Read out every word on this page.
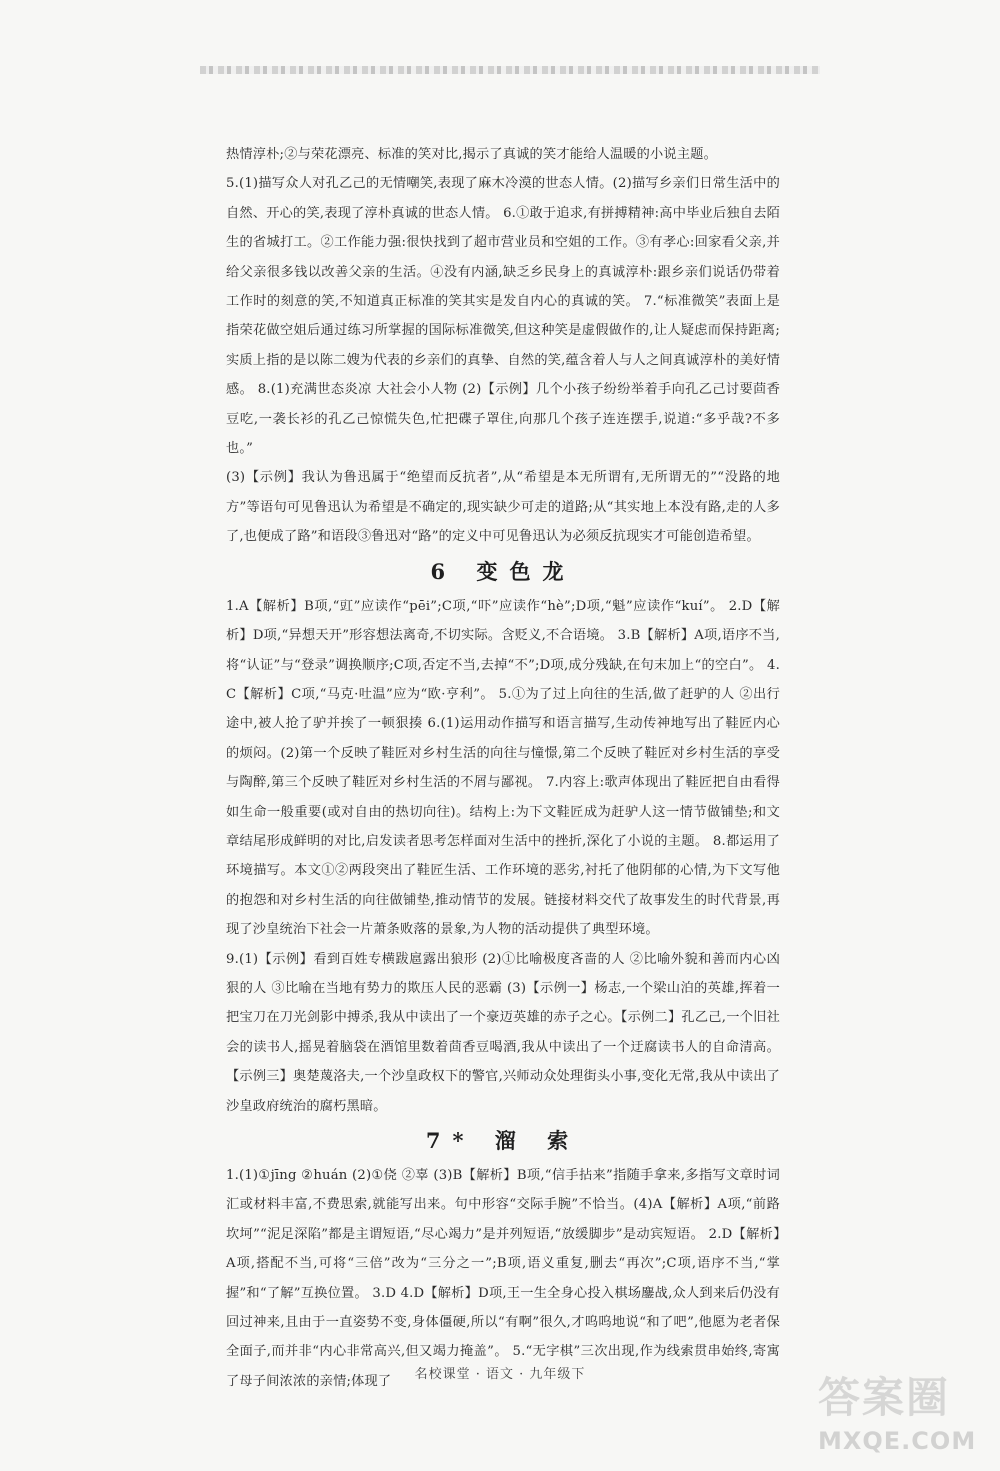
热情淳朴;②与荣花漂亮、标准的笑对比,揭示了真诚的笑才能给人温暖的小说主题。

5.(1)描写众人对孔乙己的无情嘲笑,表现了麻木冷漠的世态人情。(2)描写乡亲们日常生活中的自然、开心的笑,表现了淳朴真诚的世态人情。 6.①敢于追求,有拼搏精神:高中毕业后独自去陌生的省城打工。②工作能力强:很快找到了超市营业员和空姐的工作。③有孝心:回家看父亲,并给父亲很多钱以改善父亲的生活。④没有内涵,缺乏乡民身上的真诚淳朴:跟乡亲们说话仍带着工作时的刻意的笑,不知道真正标准的笑其实是发自内心的真诚的笑。 7.“标准微笑”表面上是指荣花做空姐后通过练习所掌握的国际标准微笑,但这种笑是虚假做作的,让人疑虑而保持距离;实质上指的是以陈二嫂为代表的乡亲们的真挚、自然的笑,蕴含着人与人之间真诚淳朴的美好情感。 8.(1)充满世态炎凉 大社会小人物 (2)【示例】几个小孩子纷纷举着手向孔乙己讨要茴香豆吃,一袭长衫的孔乙己惊慌失色,忙把碟子罩住,向那几个孩子连连摆手,说道:“多乎哉?不多也。”

(3)【示例】我认为鲁迅属于“绝望而反抗者”,从“希望是本无所谓有,无所谓无的”“没路的地方”等语句可见鲁迅认为希望是不确定的,现实缺少可走的道路;从“其实地上本没有路,走的人多了,也便成了路”和语段③鲁迅对“路”的定义中可见鲁迅认为必须反抗现实才可能创造希望。

6 变色龙

1.A【解析】B项,“豇”应读作“pēi”;C项,“吓”应读作“hè”;D项,“魁”应读作“kuí”。 2.D【解析】D项,“异想天开”形容想法离奇,不切实际。含贬义,不合语境。 3.B【解析】A项,语序不当,将“认证”与“登录”调换顺序;C项,否定不当,去掉“不”;D项,成分残缺,在句末加上“的空白”。 4.C【解析】C项,“马克·吐温”应为“欧·亨利”。 5.①为了过上向往的生活,做了赶驴的人 ②出行途中,被人抢了驴并挨了一顿狠揍 6.(1)运用动作描写和语言描写,生动传神地写出了鞋匠内心的烦闷。(2)第一个反映了鞋匠对乡村生活的向往与憧憬,第二个反映了鞋匠对乡村生活的享受与陶醉,第三个反映了鞋匠对乡村生活的不屑与鄙视。 7.内容上:歌声体现出了鞋匠把自由看得如生命一般重要(或对自由的热切向往)。结构上:为下文鞋匠成为赶驴人这一情节做铺垫;和文章结尾形成鲜明的对比,启发读者思考怎样面对生活中的挫折,深化了小说的主题。 8.都运用了环境描写。本文①②两段突出了鞋匠生活、工作环境的恶劣,衬托了他阴郁的心情,为下文写他的抱怨和对乡村生活的向往做铺垫,推动情节的发展。链接材料交代了故事发生的时代背景,再现了沙皇统治下社会一片萧条败落的景象,为人物的活动提供了典型环境。

9.(1)【示例】看到百姓专横跋扈露出狼形 (2)①比喻极度吝啬的人 ②比喻外貌和善而内心凶狠的人 ③比喻在当地有势力的欺压人民的恶霸 (3)【示例一】杨志,一个梁山泊的英雄,挥着一把宝刀在刀光剑影中搏杀,我从中读出了一个豪迈英雄的赤子之心。【示例二】孔乙己,一个旧社会的读书人,摇晃着脑袋在酒馆里数着茴香豆喝酒,我从中读出了一个迂腐读书人的自命清高。【示例三】奥楚蔑洛夫,一个沙皇政权下的警官,兴师动众处理街头小事,变化无常,我从中读出了沙皇政府统治的腐朽黑暗。

7* 溜 索

1.(1)①jīng ②huán (2)①侥 ②辜 (3)B【解析】B项,“信手拈来”指随手拿来,多指写文章时词汇或材料丰富,不费思索,就能写出来。句中形容“交际手腕”不恰当。(4)A【解析】A项,“前路坎坷”“泥足深陷”都是主谓短语,“尽心竭力”是并列短语,“放缓脚步”是动宾短语。 2.D【解析】A项,搭配不当,可将“三倍”改为“三分之一”;B项,语义重复,删去“再次”;C项,语序不当,“掌握”和“了解”互换位置。 3.D 4.D【解析】D项,王一生全身心投入棋场鏖战,众人到来后仍没有回过神来,且由于一直姿势不变,身体僵硬,所以“有啊”很久,才呜呜地说“和了吧”,他愿为老者保全面子,而并非“内心非常高兴,但又竭力掩盖”。 5.“无字棋”三次出现,作为线索贯串始终,寄寓了母子间浓浓的亲情;体现了	名校课堂 · 语文 · 九年级下	答案圈
MXQE.COM
